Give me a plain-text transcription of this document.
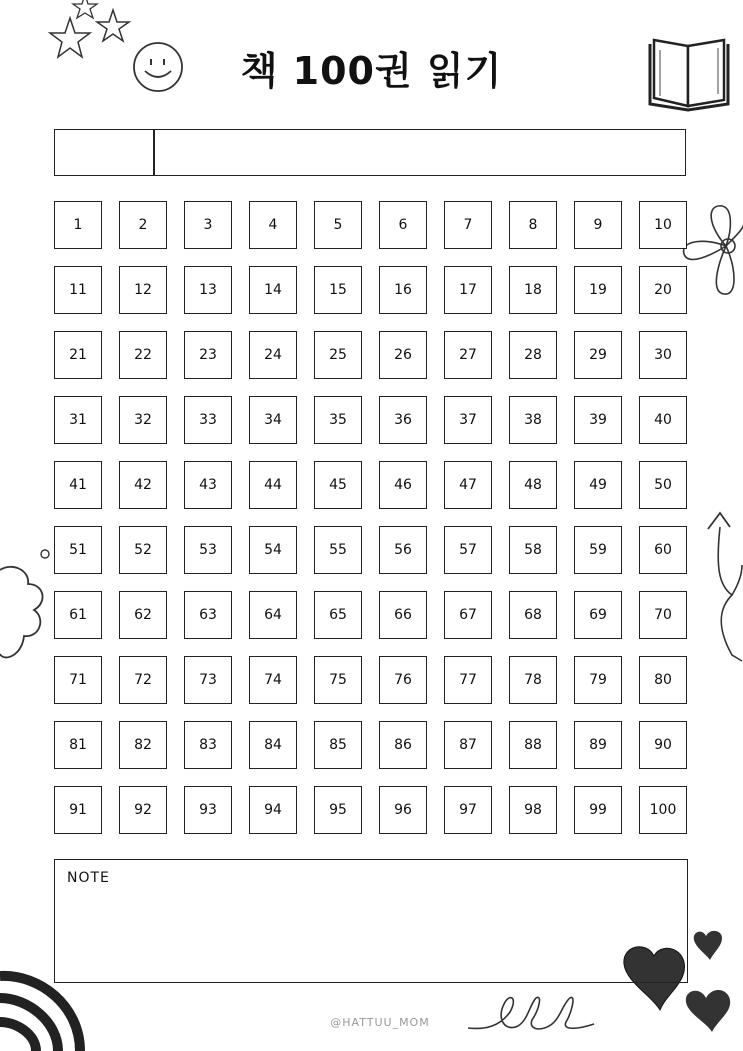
책 100권 읽기
1	2	3	4	5	6	7	8	9	10
11	12	13	14	15	16	17	18	19	20
21	22	23	24	25	26	27	28	29	30
31	32	33	34	35	36	37	38	39	40
41	42	43	44	45	46	47	48	49	50
51	52	53	54	55	56	57	58	59	60
61	62	63	64	65	66	67	68	69	70
71	72	73	74	75	76	77	78	79	80
81	82	83	84	85	86	87	88	89	90
91	92	93	94	95	96	97	98	99	100
NOTE
@HATTUU_MOM
